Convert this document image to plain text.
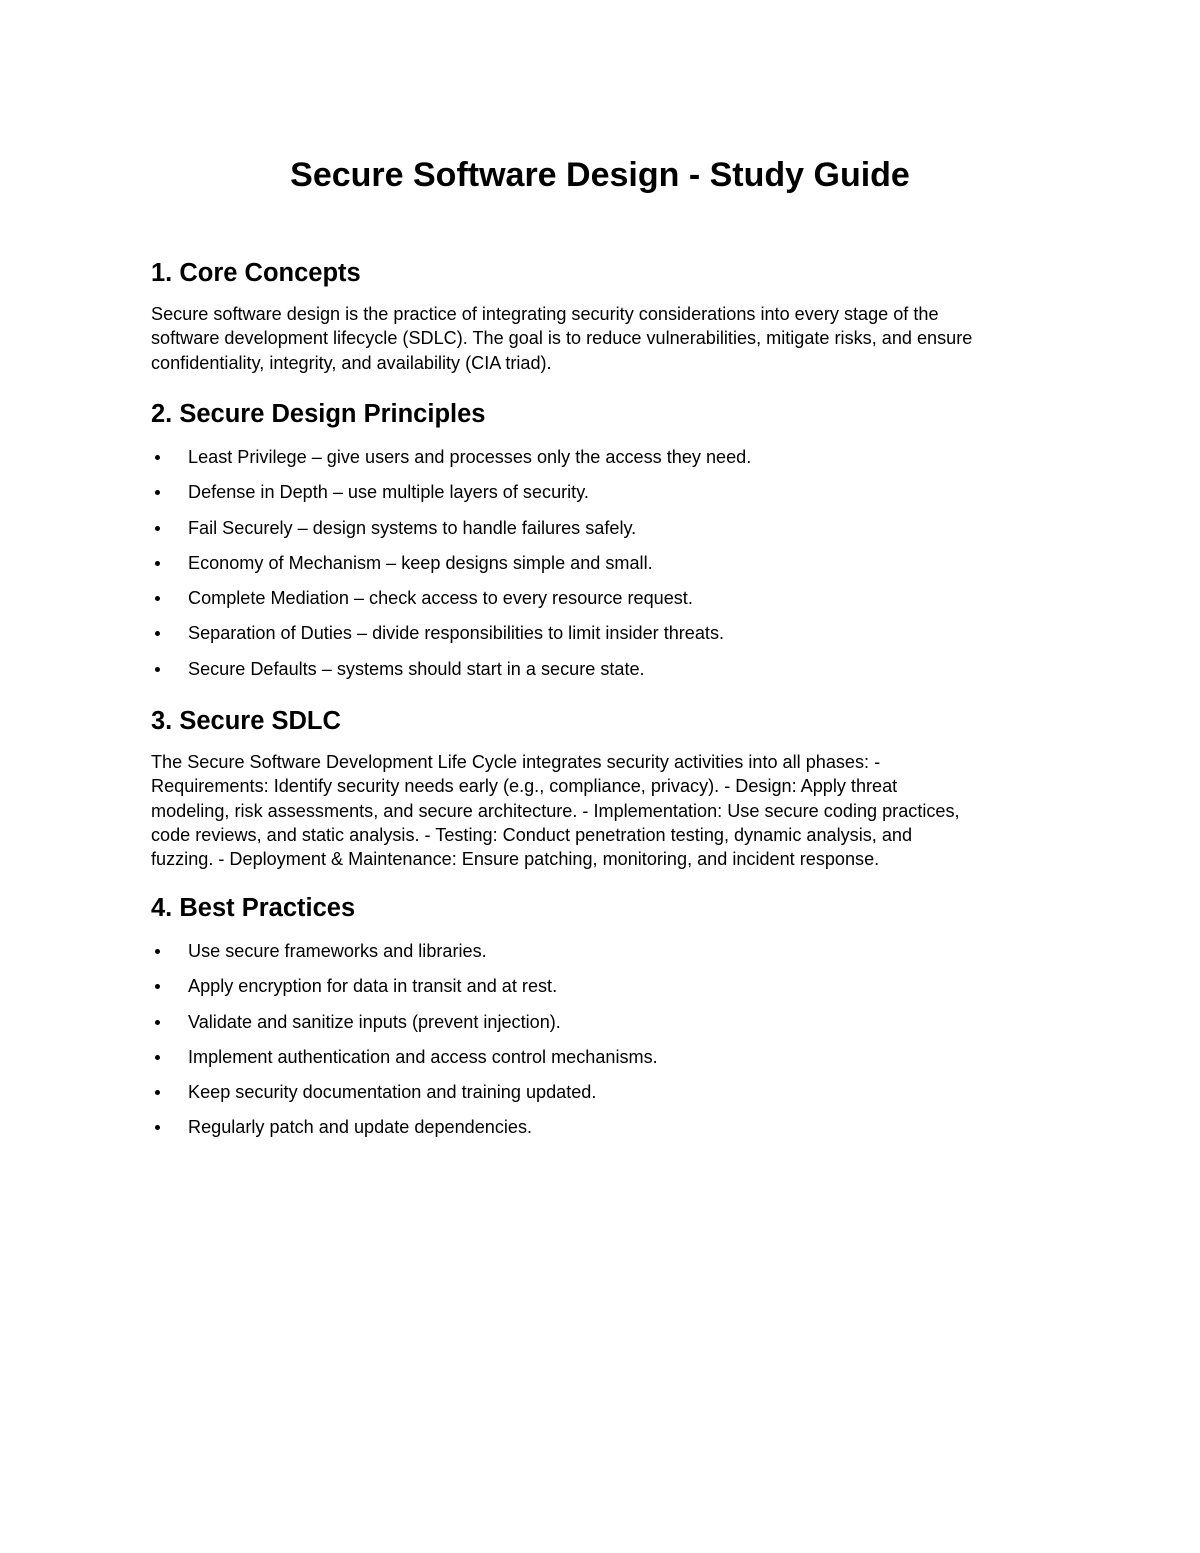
Secure Software Design - Study Guide
1. Core Concepts

Secure software design is the practice of integrating security considerations into every stage of the
software development lifecycle (SDLC). The goal is to reduce vulnerabilities, mitigate risks, and ensure
confidentiality, integrity, and availability (CIA triad).

2. Secure Design Principles
Least Privilege – give users and processes only the access they need.
Defense in Depth – use multiple layers of security.
Fail Securely – design systems to handle failures safely.
Economy of Mechanism – keep designs simple and small.
Complete Mediation – check access to every resource request.
Separation of Duties – divide responsibilities to limit insider threats.
Secure Defaults – systems should start in a secure state.
3. Secure SDLC

The Secure Software Development Life Cycle integrates security activities into all phases: -
Requirements: Identify security needs early (e.g., compliance, privacy). - Design: Apply threat
modeling, risk assessments, and secure architecture. - Implementation: Use secure coding practices,
code reviews, and static analysis. - Testing: Conduct penetration testing, dynamic analysis, and
fuzzing. - Deployment & Maintenance: Ensure patching, monitoring, and incident response.

4. Best Practices
Use secure frameworks and libraries.
Apply encryption for data in transit and at rest.
Validate and sanitize inputs (prevent injection).
Implement authentication and access control mechanisms.
Keep security documentation and training updated.
Regularly patch and update dependencies.
